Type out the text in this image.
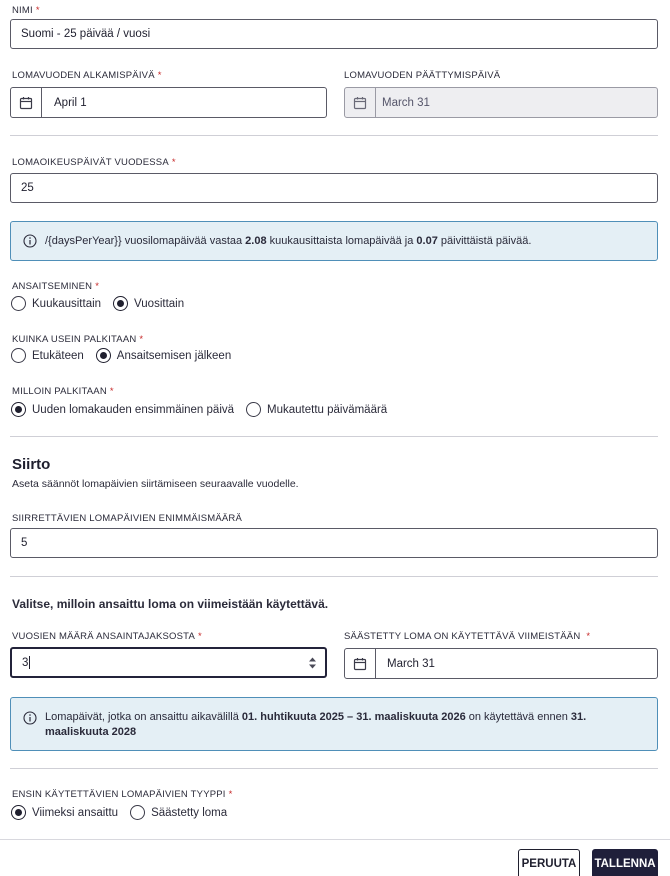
NIMI *
Suomi - 25 päivää / vuosi
LOMAVUODEN ALKAMISPÄIVÄ *
April 1
LOMAVUODEN PÄÄTTYMISPÄIVÄ
March 31
LOMAOIKEUSPÄIVÄT VUODESSA *
25
/{daysPerYear}} vuosilomapäivää vastaa 2.08 kuukausittaista lomapäivää ja 0.07 päivittäistä päivää.
ANSAITSEMINEN *
Kuukausittain	Vuosittain
KUINKA USEIN PALKITAAN *
Etukäteen	Ansaitsemisen jälkeen
MILLOIN PALKITAAN *
Uuden lomakauden ensimmäinen päivä	Mukautettu päivämäärä
Siirto
Aseta säännöt lomapäivien siirtämiseen seuraavalle vuodelle.
SIIRRETTÄVIEN LOMAPÄIVIEN ENIMMÄISMÄÄRÄ
5
Valitse, milloin ansaittu loma on viimeistään käytettävä.
VUOSIEN MÄÄRÄ ANSAINTAJAKSOSTA *
3
SÄÄSTETTY LOMA ON KÄYTETTÄVÄ VIIMEISTÄÄN *
March 31
Lomapäivät, jotka on ansaittu aikavälillä 01. huhtikuuta 2025 – 31. maaliskuuta 2026 on käytettävä ennen 31. maaliskuuta 2028
ENSIN KÄYTETTÄVIEN LOMAPÄIVIEN TYYPPI *
Viimeksi ansaittu	Säästetty loma
PERUUTA	TALLENNA
